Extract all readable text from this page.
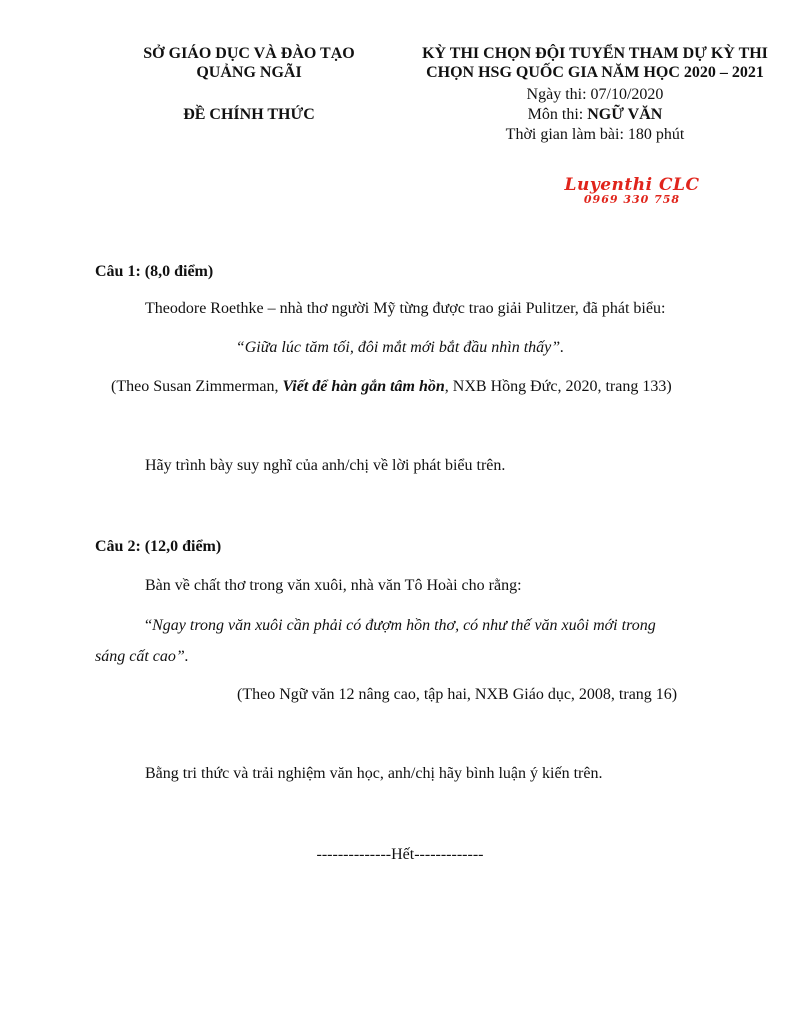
SỞ GIÁO DỤC VÀ ĐÀO TẠO
QUẢNG NGÃI
ĐỀ CHÍNH THỨC
KỲ THI CHỌN ĐỘI TUYỂN THAM DỰ KỲ THI
CHỌN HSG QUỐC GIA NĂM HỌC 2020 – 2021
Ngày thi: 07/10/2020
Môn thi: NGỮ VĂN
Thời gian làm bài: 180 phút
Luyenthi CLC
0969 330 758
Câu 1: (8,0 điểm)
Theodore Roethke – nhà thơ người Mỹ từng được trao giải Pulitzer, đã phát biểu:
“Giữa lúc tăm tối, đôi mắt mới bắt đầu nhìn thấy”.
(Theo Susan Zimmerman, Viết để hàn gắn tâm hồn, NXB Hồng Đức, 2020, trang 133)
Hãy trình bày suy nghĩ của anh/chị về lời phát biểu trên.
Câu 2: (12,0 điểm)
Bàn về chất thơ trong văn xuôi, nhà văn Tô Hoài cho rằng:
“Ngay trong văn xuôi cần phải có đượm hồn thơ, có như thế văn xuôi mới trong
sáng cất cao”.
(Theo Ngữ văn 12 nâng cao, tập hai, NXB Giáo dục, 2008, trang 16)
Bằng tri thức và trải nghiệm văn học, anh/chị hãy bình luận ý kiến trên.
--------------Hết-------------
